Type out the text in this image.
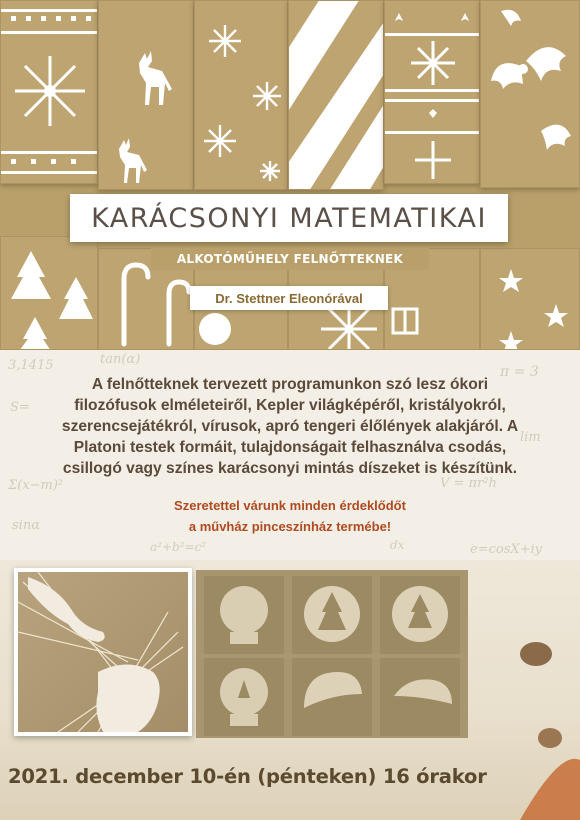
KARÁCSONYI MATEMATIKAI
ALKOTÓMŰHELY FELNŐTTEKNEK
Dr. Stettner Eleonórával
3,1415	tan(α)
π = 3
S=
Σ(x−m)²	V = πr²h
e=cosX+iy
sinα
a²+b²=c²	dx
lim

A felnőtteknek tervezett programunkon szó lesz ókori filozófusok elméleteiről, Kepler világképéről, kristályokról, szerencsejátékról, vírusok, apró tengeri élőlények alakjáról. A Platoni testek formáit, tulajdonságait felhasználva csodás, csillogó vagy színes karácsonyi mintás díszeket is készítünk.

Szeretettel várunk minden érdeklődőt
a művház pinceszínház termébe!
2021. december 10-én (pénteken) 16 órakor
